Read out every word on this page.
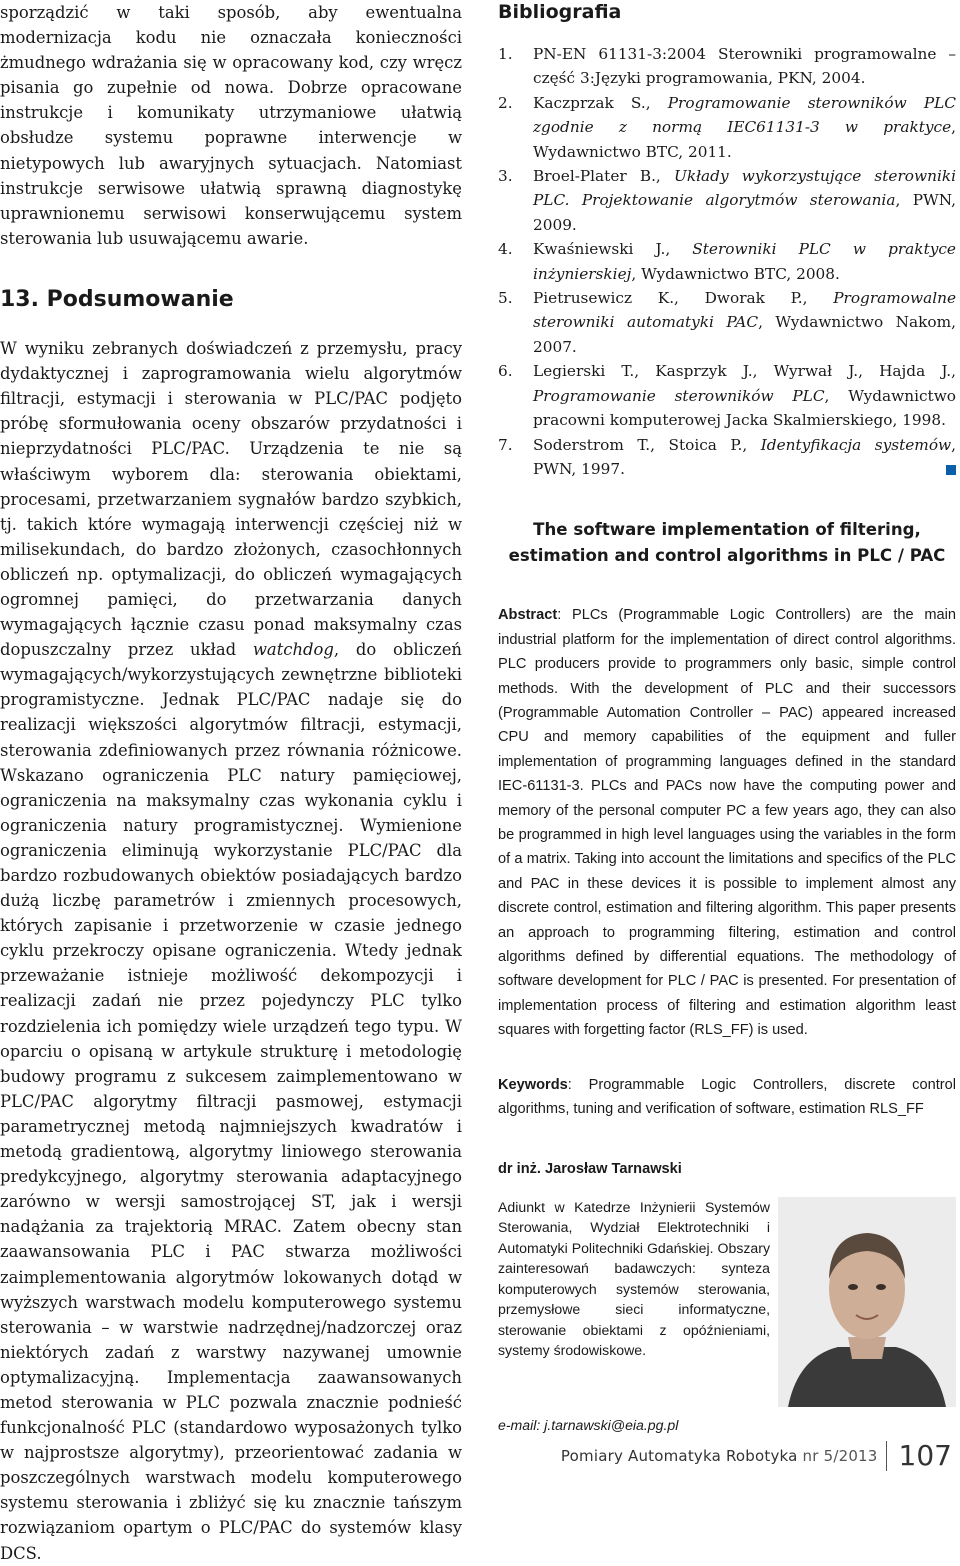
sporządzić w taki sposób, aby ewentualna modernizacja kodu nie oznaczała konieczności żmudnego wdrażania się w opracowany kod, czy wręcz pisania go zupełnie od nowa. Dobrze opracowane instrukcje i komunikaty utrzymaniowe ułatwią obsłudze systemu poprawne interwencje w nietypowych lub awaryjnych sytuacjach. Natomiast instrukcje serwisowe ułatwią sprawną diagnostykę uprawnionemu serwisowi konserwującemu system sterowania lub usuwającemu awarie.

13. Podsumowanie

W wyniku zebranych doświadczeń z przemysłu, pracy dydaktycznej i zaprogramowania wielu algorytmów filtracji, estymacji i sterowania w PLC/PAC podjęto próbę sformułowania oceny obszarów przydatności i nieprzydatności PLC/PAC. Urządzenia te nie są właściwym wyborem dla: sterowania obiektami, procesami, przetwarzaniem sygnałów bardzo szybkich, tj. takich które wymagają interwencji częściej niż w milisekundach, do bardzo złożonych, czasochłonnych obliczeń np. optymalizacji, do obliczeń wymagających ogromnej pamięci, do przetwarzania danych wymagających łącznie czasu ponad maksymalny czas dopuszczalny przez układ watchdog, do obliczeń wymagających/wykorzystujących zewnętrzne biblioteki programistyczne. Jednak PLC/PAC nadaje się do realizacji większości algorytmów filtracji, estymacji, sterowania zdefiniowanych przez równania różnicowe. Wskazano ograniczenia PLC natury pamięciowej, ograniczenia na maksymalny czas wykonania cyklu i ograniczenia natury programistycznej. Wymienione ograniczenia eliminują wykorzystanie PLC/PAC dla bardzo rozbudowanych obiektów posiadających bardzo dużą liczbę parametrów i zmiennych procesowych, których zapisanie i przetworzenie w czasie jednego cyklu przekroczy opisane ograniczenia. Wtedy jednak przeważanie istnieje możliwość dekompozycji i realizacji zadań nie przez pojedynczy PLC tylko rozdzielenia ich pomiędzy wiele urządzeń tego typu. W oparciu o opisaną w artykule strukturę i metodologię budowy programu z sukcesem zaimplementowano w PLC/PAC algorytmy filtracji pasmowej, estymacji parametrycznej metodą najmniejszych kwadratów i metodą gradientową, algorytmy liniowego sterowania predykcyjnego, algorytmy sterowania adaptacyjnego zarówno w wersji samostrojącej ST, jak i wersji nadążania za trajektorią MRAC. Zatem obecny stan zaawansowania PLC i PAC stwarza możliwości zaimplementowania algorytmów lokowanych dotąd w wyższych warstwach modelu komputerowego systemu sterowania – w warstwie nadrzędnej/nadzorczej oraz niektórych zadań z warstwy nazywanej umownie optymalizacyjną. Implementacja zaawansowanych metod sterowania w PLC pozwala znacznie podnieść funkcjonalność PLC (standardowo wyposażonych tylko w najprostsze algorytmy), przeorientować zadania w poszczególnych warstwach modelu komputerowego systemu sterowania i zbliżyć się ku znacznie tańszym rozwiązaniom opartym o PLC/PAC do systemów klasy DCS.

Bibliografia
1. PN-EN 61131-3:2004 Sterowniki programowalne – część 3:Języki programowania, PKN, 2004.
2. Kaczprzak S., Programowanie sterowników PLC zgodnie z normą IEC61131-3 w praktyce, Wydawnictwo BTC, 2011.
3. Broel-Plater B., Układy wykorzystujące sterowniki PLC. Projektowanie algorytmów sterowania, PWN, 2009.
4. Kwaśniewski J., Sterowniki PLC w praktyce inżynierskiej, Wydawnictwo BTC, 2008.
5. Pietrusewicz K., Dworak P., Programowalne sterowniki automatyki PAC, Wydawnictwo Nakom, 2007.
6. Legierski T., Kasprzyk J., Wyrwał J., Hajda J., Programowanie sterowników PLC, Wydawnictwo pracowni komputerowej Jacka Skalmierskiego, 1998.
7. Soderstrom T., Stoica P., Identyfikacja systemów, PWN, 1997.
The software implementation of filtering, estimation and control algorithms in PLC / PAC

Abstract: PLCs (Programmable Logic Controllers) are the main industrial platform for the implementation of direct control algorithms. PLC producers provide to programmers only basic, simple control methods. With the development of PLC and their successors (Programmable Automation Controller – PAC) appeared increased CPU and memory capabilities of the equipment and fuller implementation of programming languages defined in the standard IEC-61131-3. PLCs and PACs now have the computing power and memory of the personal computer PC a few years ago, they can also be programmed in high level languages using the variables in the form of a matrix. Taking into account the limitations and specifics of the PLC and PAC in these devices it is possible to implement almost any discrete control, estimation and filtering algorithm. This paper presents an approach to programming filtering, estimation and control algorithms defined by differential equations. The methodology of software development for PLC / PAC is presented. For presentation of implementation process of filtering and estimation algorithm least squares with forgetting factor (RLS_FF) is used.

Keywords: Programmable Logic Controllers, discrete control algorithms, tuning and verification of software, estimation RLS_FF

dr inż. Jarosław Tarnawski
Adiunkt w Katedrze Inżynierii Systemów Sterowania, Wydział Elektrotechniki i Automatyki Politechniki Gdańskiej. Obszary zainteresowań badawczych: synteza komputerowych systemów sterowania, przemysłowe sieci informatyczne, sterowanie obiektami z opóźnieniami, systemy środowiskowe.
e-mail: j.tarnawski@eia.pg.pl
Pomiary Automatyka Robotyka nr 5/2013 107
